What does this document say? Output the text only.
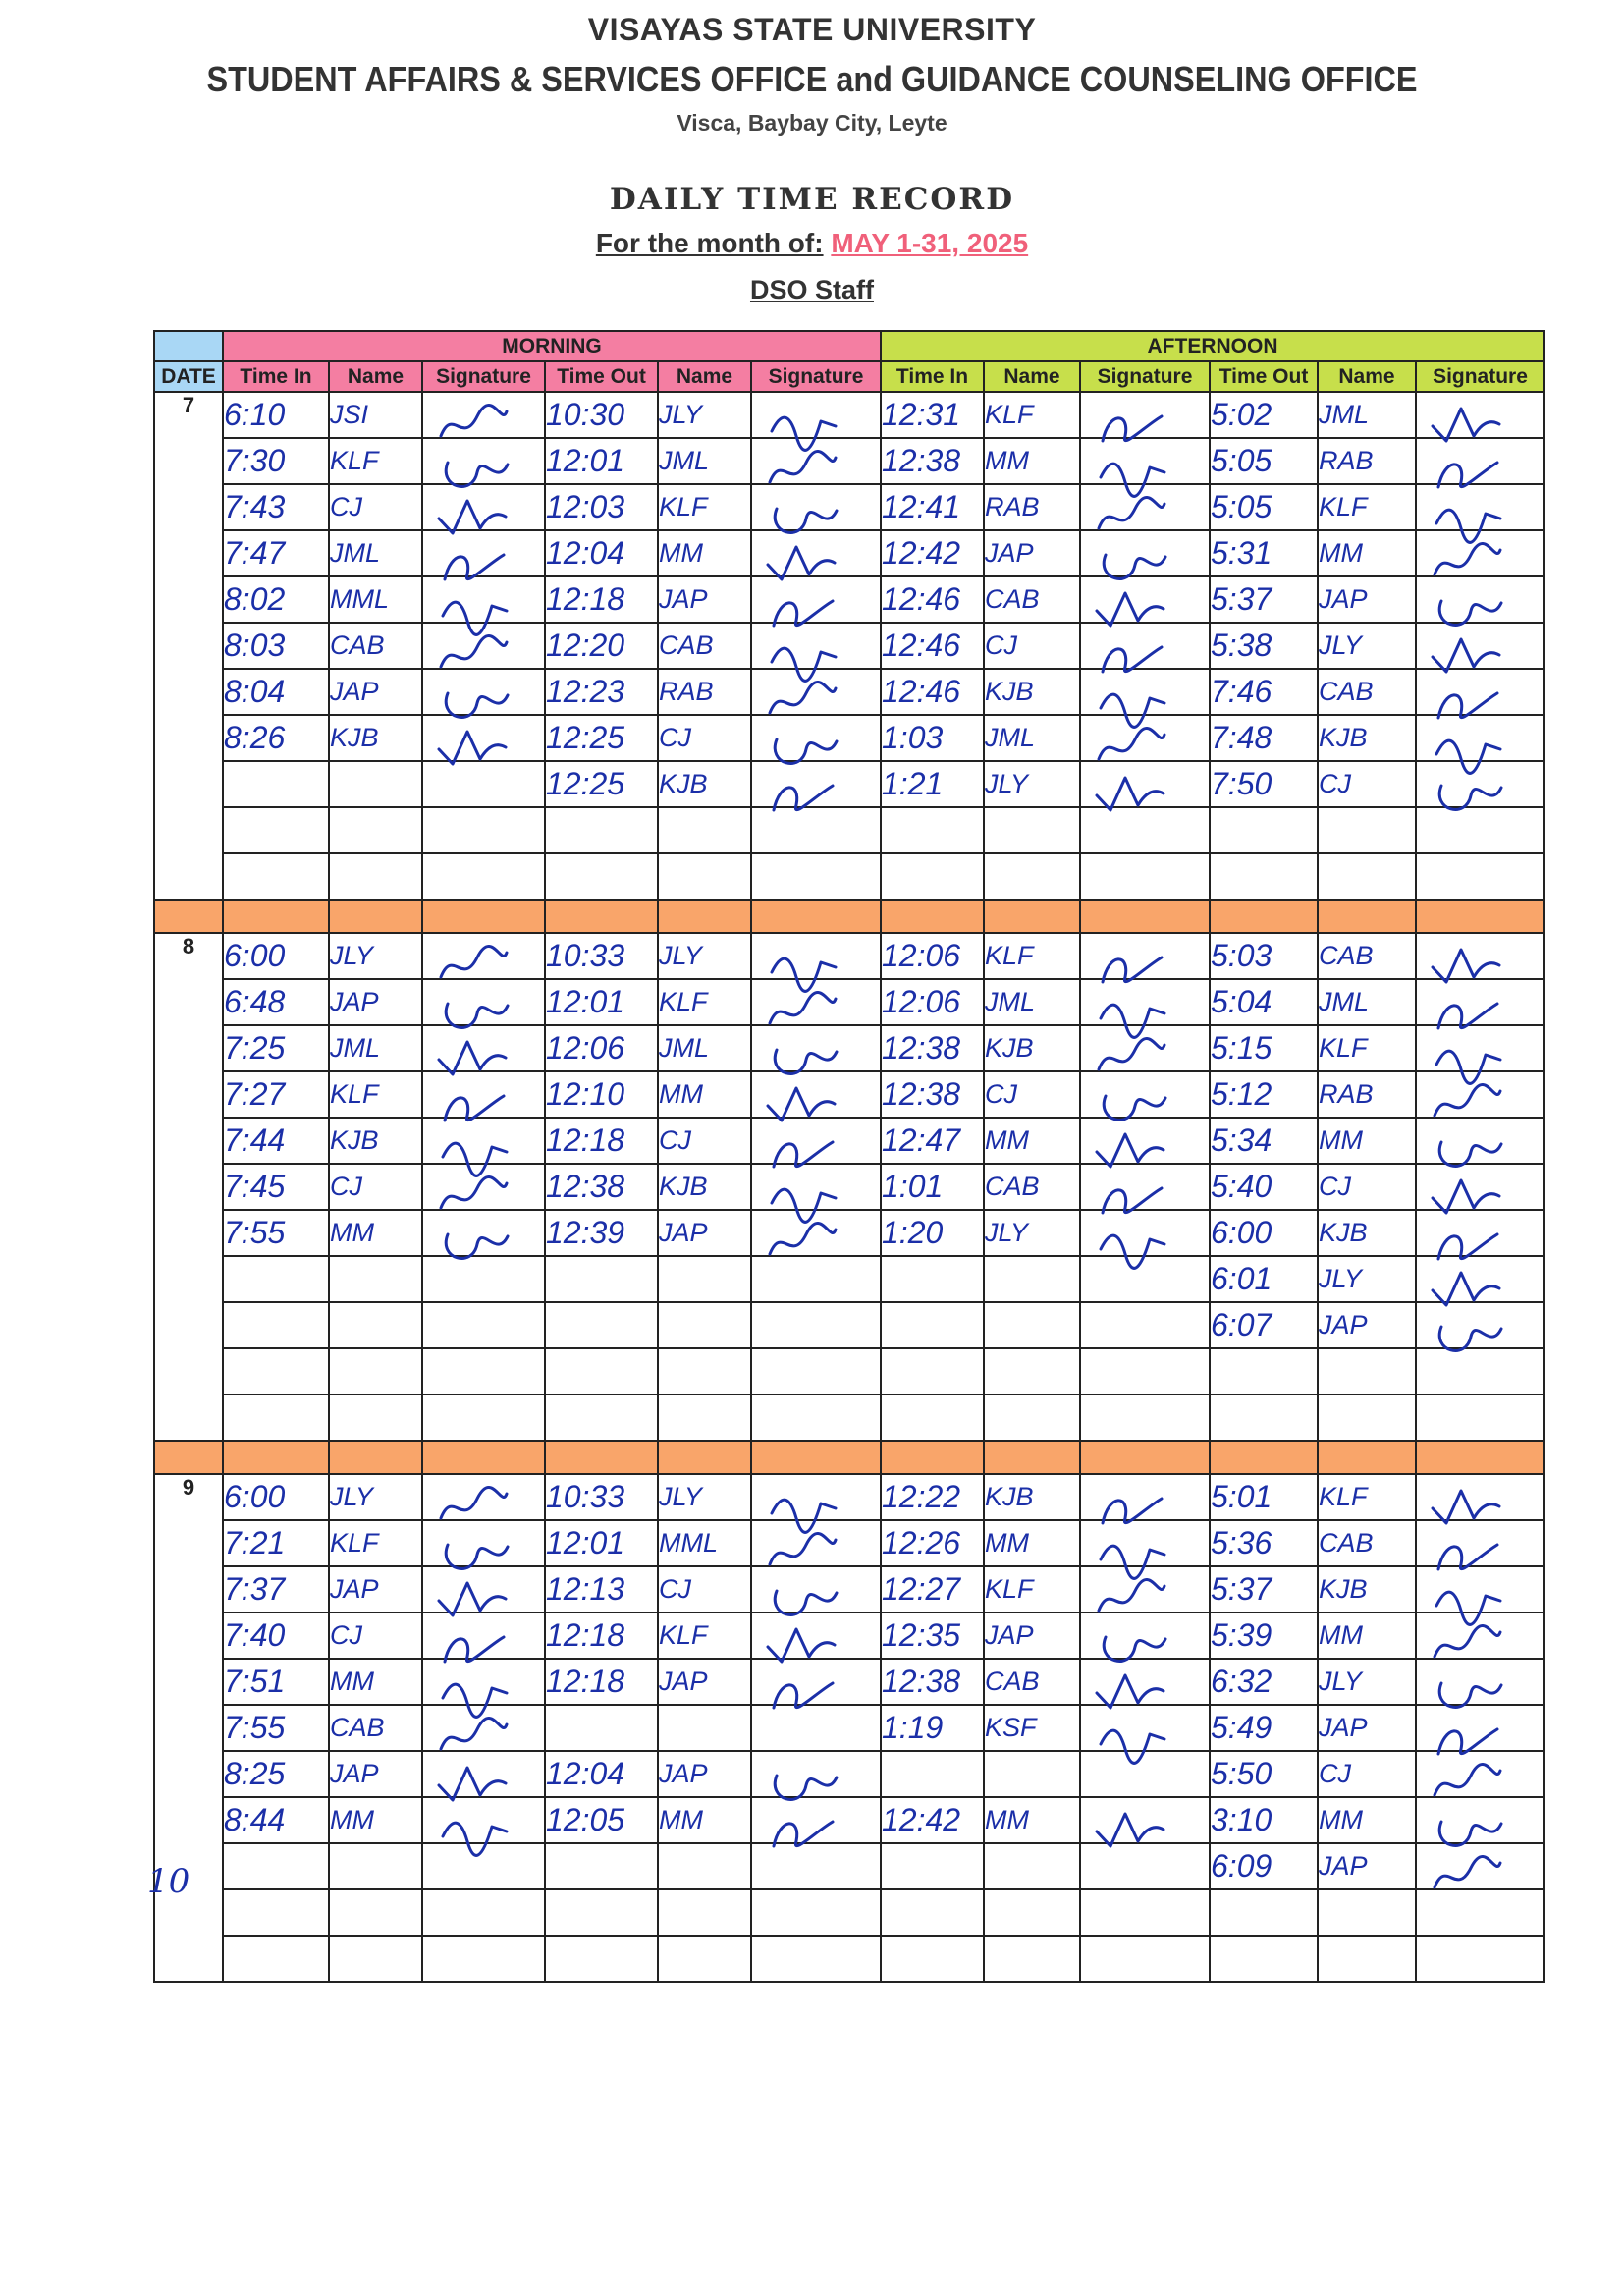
VISAYAS STATE UNIVERSITY
STUDENT AFFAIRS & SERVICES OFFICE and GUIDANCE COUNSELING OFFICE
Visca, Baybay City, Leyte
DAILY TIME RECORD
For the month of: MAY 1-31, 2025
DSO Staff
	MORNING						AFTERNOON					
DATE	Time In	Name	Signature	Time Out	Name	Signature	Time In	Name	Signature	Time Out	Name	Signature
7	6:10	JSI		10:30	JLY		12:31	KLF		5:02	JML	

	7:30	KLF		12:01	JML		12:38	MM		5:05	RAB	

	7:43	CJ		12:03	KLF		12:41	RAB		5:05	KLF	

	7:47	JML		12:04	MM		12:42	JAP		5:31	MM	

	8:02	MML		12:18	JAP		12:46	CAB		5:37	JAP	

	8:03	CAB		12:20	CAB		12:46	CJ		5:38	JLY	

	8:04	JAP		12:23	RAB		12:46	KJB		7:46	CAB	

	8:26	KJB		12:25	CJ		1:03	JML		7:48	KJB	

				12:25	KJB		1:21	JLY		7:50	CJ	

8	6:00	JLY		10:33	JLY		12:06	KLF		5:03	CAB	

	6:48	JAP		12:01	KLF		12:06	JML		5:04	JML	

	7:25	JML		12:06	JML		12:38	KJB		5:15	KLF	

	7:27	KLF		12:10	MM		12:38	CJ		5:12	RAB	

	7:44	KJB		12:18	CJ		12:47	MM		5:34	MM	

	7:45	CJ		12:38	KJB		1:01	CAB		5:40	CJ	

	7:55	MM		12:39	JAP		1:20	JLY		6:00	KJB	

										6:01	JLY	

										6:07	JAP	

9	6:00	JLY		10:33	JLY		12:22	KJB		5:01	KLF	

	7:21	KLF		12:01	MML		12:26	MM		5:36	CAB	

	7:37	JAP		12:13	CJ		12:27	KLF		5:37	KJB	

	7:40	CJ		12:18	KLF		12:35	JAP		5:39	MM	

	7:51	MM		12:18	JAP		12:38	CAB		6:32	JLY	

	7:55	CAB					1:19	KSF		5:49	JAP	

	8:25	JAP		12:04	JAP					5:50	CJ	

	8:44	MM		12:05	MM		12:42	MM		3:10	MM	

										6:09	JAP	

10
